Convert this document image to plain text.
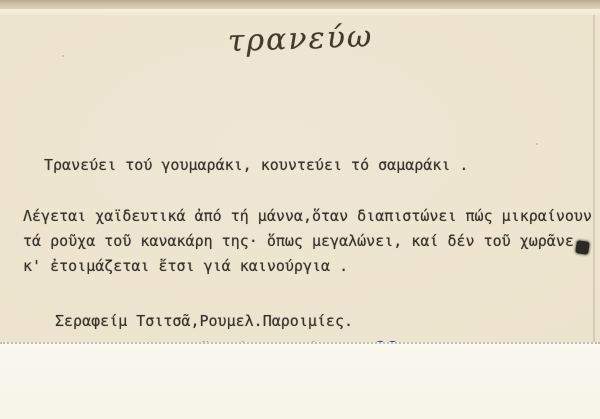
τρανεύω
Τρανεύει τού γουμαράκι, κουντεύει τό σαμαράκι .
Λέγεται χαϊδευτικά ἀπό τή μάννα,ὅταν διαπιστώνει πώς μικραίνουν
τά ροῦχα τοῦ κανακάρη της· ὅπως μεγαλώνει, καί δέν τοῦ χωρᾶνε
κ' ἐτοιμάζεται ἔτσι γιά καινούργια .
Σεραφείμ Τσιτσᾶ,Ρουμελ.Παροιμίες.
